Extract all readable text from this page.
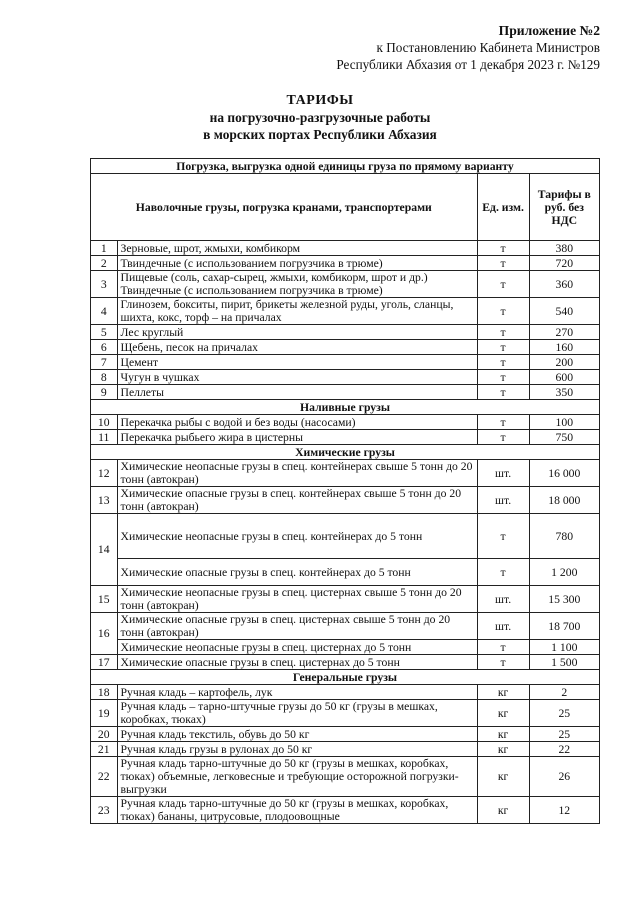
Приложение №2
к Постановлению Кабинета Министров
Республики Абхазия от 1 декабря 2023 г. №129
ТАРИФЫ
на погрузочно-разгрузочные работы
в морских портах Республики Абхазия
Погрузка, выгрузка одной единицы груза по прямому варианту			
Наволочные грузы, погрузка кранами, транспортерами		Ед. изм.	Тарифы в руб. без НДС
1	Зерновые, шрот, жмыхи, комбикорм	т	380
2	Твиндечные (с использованием погрузчика в трюме)	т	720
3	Пищевые (соль, сахар-сырец, жмыхи, комбикорм, шрот и др.) Твиндечные (с использованием погрузчика в трюме)	т	360
4	Глинозем, бокситы, пирит, брикеты железной руды, уголь, сланцы, шихта, кокс, торф – на причалах	т	540
5	Лес круглый	т	270
6	Щебень, песок на причалах	т	160
7	Цемент	т	200
8	Чугун в чушках	т	600
9	Пеллеты	т	350
Наливные грузы			
10	Перекачка рыбы с водой и без воды (насосами)	т	100
11	Перекачка рыбьего жира в цистерны	т	750
Химические грузы			
12	Химические неопасные грузы в спец. контейнерах свыше 5 тонн до 20 тонн (автокран)	шт.	16 000
13	Химические опасные грузы в спец. контейнерах свыше 5 тонн до 20 тонн (автокран)	шт.	18 000
14	Химические неопасные грузы в спец. контейнерах до 5 тонн	т	780
	Химические опасные грузы в спец. контейнерах до 5 тонн	т	1 200
15	Химические неопасные грузы в спец. цистернах свыше 5 тонн до 20 тонн (автокран)	шт.	15 300
16	Химические опасные грузы в спец. цистернах свыше 5 тонн до 20 тонн (автокран)	шт.	18 700
	Химические неопасные грузы в спец. цистернах до 5 тонн	т	1 100
17	Химические опасные грузы в спец. цистернах до 5 тонн	т	1 500
Генеральные грузы			
18	Ручная кладь – картофель, лук	кг	2
19	Ручная кладь – тарно-штучные грузы до 50 кг (грузы в мешках, коробках, тюках)	кг	25
20	Ручная кладь текстиль, обувь до 50 кг	кг	25
21	Ручная кладь грузы в рулонах до 50 кг	кг	22
22	Ручная кладь тарно-штучные до 50 кг (грузы в мешках, коробках, тюках) объемные, легковесные и требующие осторожной погрузки-выгрузки	кг	26
23	Ручная кладь тарно-штучные до 50 кг (грузы в мешках, коробках, тюках) бананы, цитрусовые, плодоовощные	кг	12
